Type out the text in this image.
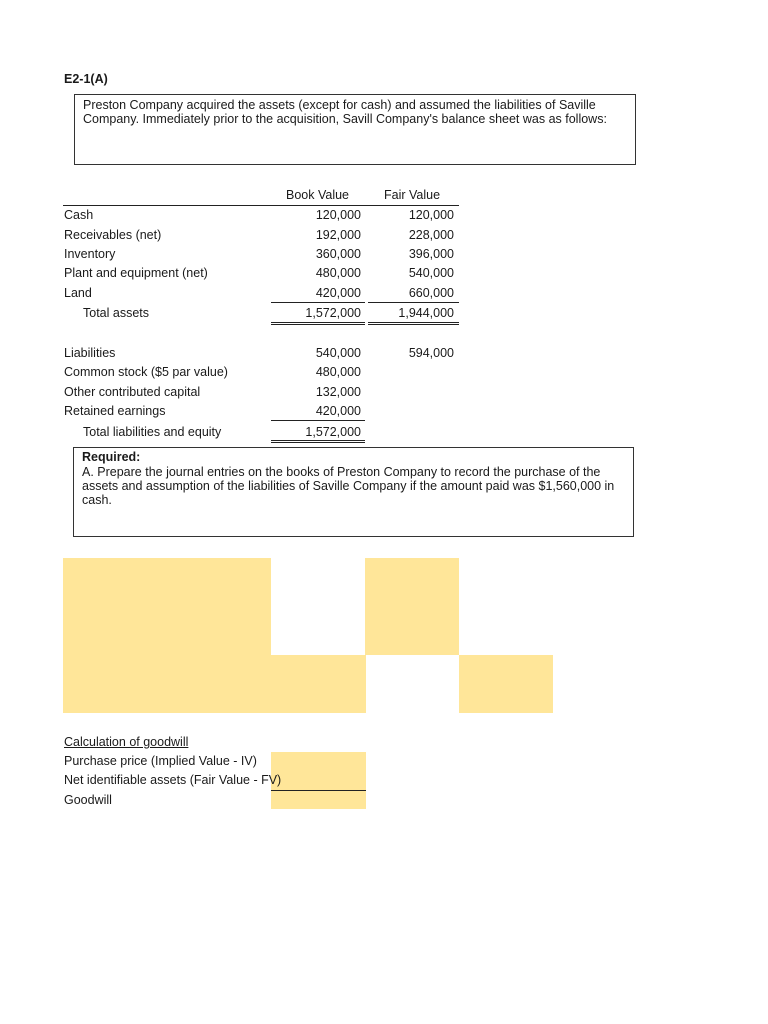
E2-1(A)
Preston Company acquired the assets (except for cash) and assumed the liabilities of Saville Company. Immediately prior to the acquisition, Savill Company's balance sheet was as follows:
Book Value	Fair Value
Cash	120,000	120,000
Receivables (net)	192,000	228,000
Inventory	360,000	396,000
Plant and equipment (net)	480,000	540,000
Land	420,000	660,000
Total assets	1,572,000	1,944,000
Liabilities	540,000	594,000
Common stock ($5 par value)	480,000
Other contributed capital	132,000
Retained earnings	420,000
Total liabilities and equity	1,572,000
Required:
A. Prepare the journal entries on the books of Preston Company to record the purchase of the assets and assumption of the liabilities of Saville Company if the amount paid was $1,560,000 in cash.
Calculation of goodwill
Purchase price (Implied Value - IV)
Net identifiable assets (Fair Value - FV)
Goodwill
